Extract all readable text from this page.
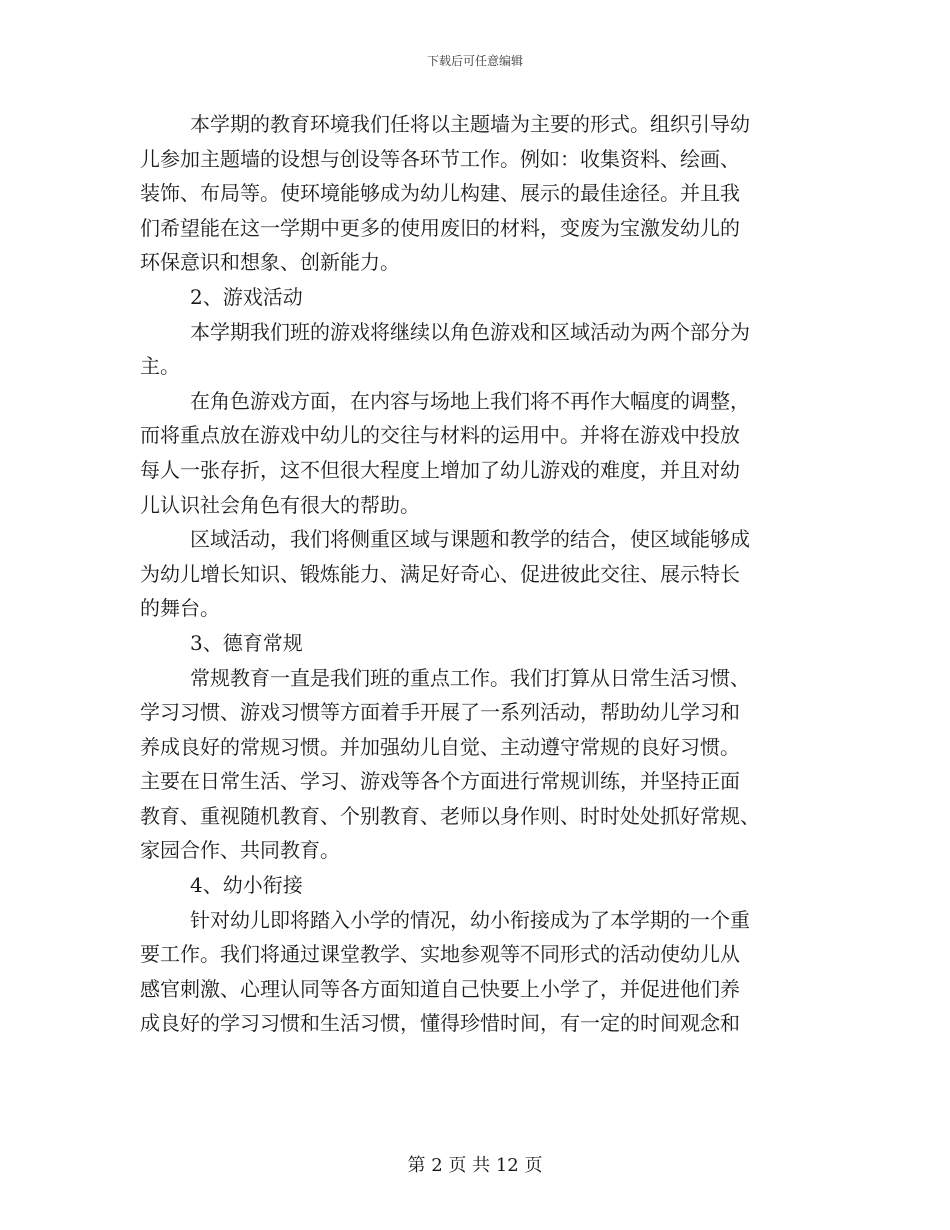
下载后可任意编辑
本学期的教育环境我们任将以主题墙为主要的形式。组织引导幼
儿参加主题墙的设想与创设等各环节工作。例如：收集资料、绘画、
装饰、布局等。使环境能够成为幼儿构建、展示的最佳途径。并且我
们希望能在这一学期中更多的使用废旧的材料，变废为宝激发幼儿的
环保意识和想象、创新能力。
2、游戏活动
本学期我们班的游戏将继续以角色游戏和区域活动为两个部分为
主。
在角色游戏方面，在内容与场地上我们将不再作大幅度的调整，
而将重点放在游戏中幼儿的交往与材料的运用中。并将在游戏中投放
每人一张存折，这不但很大程度上增加了幼儿游戏的难度，并且对幼
儿认识社会角色有很大的帮助。
区域活动，我们将侧重区域与课题和教学的结合，使区域能够成
为幼儿增长知识、锻炼能力、满足好奇心、促进彼此交往、展示特长
的舞台。
3、德育常规
常规教育一直是我们班的重点工作。我们打算从日常生活习惯、
学习习惯、游戏习惯等方面着手开展了一系列活动，帮助幼儿学习和
养成良好的常规习惯。并加强幼儿自觉、主动遵守常规的良好习惯。
主要在日常生活、学习、游戏等各个方面进行常规训练，并坚持正面
教育、重视随机教育、个别教育、老师以身作则、时时处处抓好常规、
家园合作、共同教育。
4、幼小衔接
针对幼儿即将踏入小学的情况，幼小衔接成为了本学期的一个重
要工作。我们将通过课堂教学、实地参观等不同形式的活动使幼儿从
感官刺激、心理认同等各方面知道自己快要上小学了，并促进他们养
成良好的学习习惯和生活习惯，懂得珍惜时间，有一定的时间观念和
第 2 页 共 12 页
